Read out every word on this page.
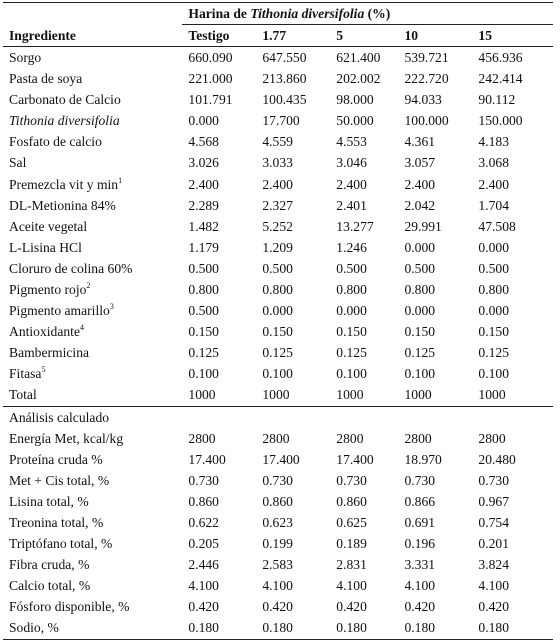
	Harina de Tithonia diversifolia (%)				
Ingrediente	Testigo	1.77	5	10	15
Sorgo	660.090	647.550	621.400	539.721	456.936
Pasta de soya	221.000	213.860	202.002	222.720	242.414
Carbonato de Calcio	101.791	100.435	98.000	94.033	90.112
Tithonia diversifolia	0.000	17.700	50.000	100.000	150.000
Fosfato de calcio	4.568	4.559	4.553	4.361	4.183
Sal	3.026	3.033	3.046	3.057	3.068
Premezcla vit y $\min^1$	2.400	2.400	2.400	2.400	2.400
DL-Metionina 84%	2.289	2.327	2.401	2.042	1.704
Aceite vegetal	1.482	5.252	13.277	29.991	47.508
L-Lisina HCl	1.179	1.209	1.246	0.000	0.000
Cloruro de colina 60%	0.500	0.500	0.500	0.500	0.500
Pigmento rojo$^2$	0.800	0.800	0.800	0.800	0.800
Pigmento amarillo$^3$	0.500	0.000	0.000	0.000	0.000
Antioxidante$^4$	0.150	0.150	0.150	0.150	0.150
Bambermicina	0.125	0.125	0.125	0.125	0.125
Fitasa$^5$	0.100	0.100	0.100	0.100	0.100
Total	1000	1000	1000	1000	1000
Análisis calculado					
Energía Met, kcal/kg	2800	2800	2800	2800	2800
Proteína cruda %	17.400	17.400	17.400	18.970	20.480
Met + Cis total, %	0.730	0.730	0.730	0.730	0.730
Lisina total, %	0.860	0.860	0.860	0.866	0.967
Treonina total, %	0.622	0.623	0.625	0.691	0.754
Triptófano total, %	0.205	0.199	0.189	0.196	0.201
Fibra cruda, %	2.446	2.583	2.831	3.331	3.824
Calcio total, %	4.100	4.100	4.100	4.100	4.100
Fósforo disponible, %	0.420	0.420	0.420	0.420	0.420
Sodio, %	0.180	0.180	0.180	0.180	0.180
